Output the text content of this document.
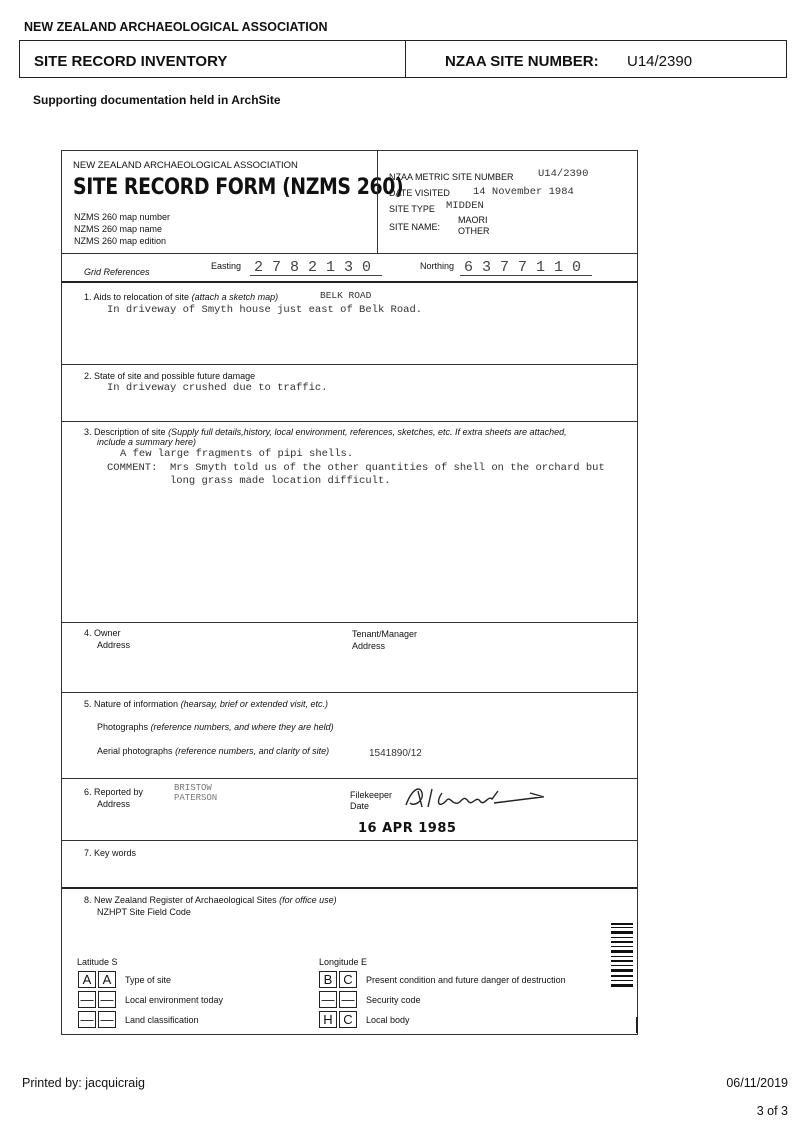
NEW ZEALAND ARCHAEOLOGICAL ASSOCIATION
SITE RECORD INVENTORY	NZAA SITE NUMBER: U14/2390
Supporting documentation held in ArchSite
NEW ZEALAND ARCHAEOLOGICAL ASSOCIATION
SITE RECORD FORM (NZMS 260)
NZMS 260 map number
NZMS 260 map name
NZMS 260 map edition
NZAA METRIC SITE NUMBER U14/2390
DATE VISITED 14 November 1984
SITE TYPE MIDDEN
SITE NAME:
MAORI
OTHER
Grid References
Easting 2 7 8 2 1 3 0	Northing 6 3 7 7 1 1 0
1. Aids to relocation of site (attach a sketch map)	BELK ROAD
In driveway of Smyth house just east of Belk Road.
2. State of site and possible future damage
In driveway crushed due to traffic.
3. Description of site (Supply full details,history, local environment, references, sketches, etc. If extra sheets are attached,
include a summary here)
A few large fragments of pipi shells.
COMMENT:  Mrs Smyth told us of the other quantities of shell on the orchard but
long grass made location difficult.
4. Owner
Address
Tenant/Manager
Address
5. Nature of information (hearsay, brief or extended visit, etc.)
Photographs (reference numbers, and where they are held)
Aerial photographs (reference numbers, and clarity of site)	1541890/12
6. Reported by
Address
BRISTOW
PATERSON	Filekeeper
Date
16 APR 1985
7. Key words
8. New Zealand Register of Archaeological Sites (for office use)
NZHPT Site Field Code
Latitude S
A A	Type of site
— — Local environment today
— — Land classification
Longitude E
B C	Present condition and future danger of destruction
— — Security code
H C	Local body
Printed by: jacquicraig	06/11/2019
3 of 3
